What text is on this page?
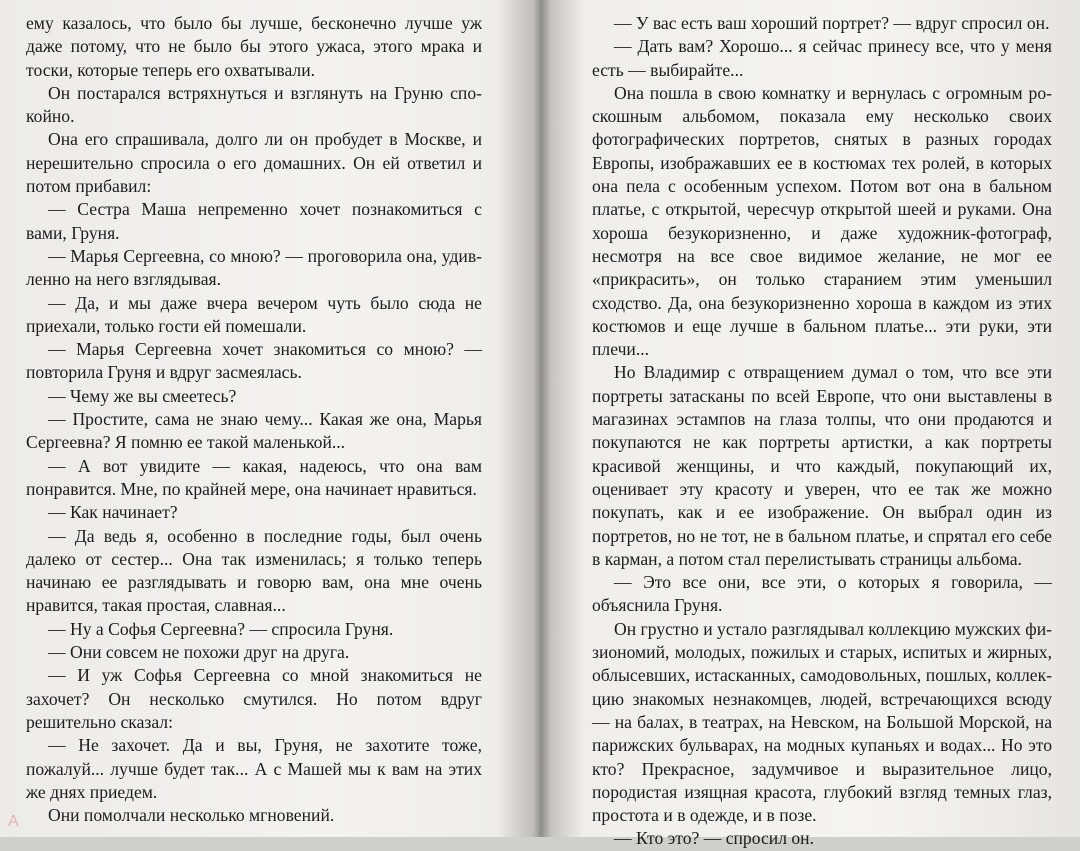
ему казалось, что было бы лучше, бесконечно лучше уж даже потому, что не было бы этого ужаса, этого мрака и тоски, которые теперь его охватывали.

Он постарался встряхнуться и взглянуть на Груню спокойно.

Она его спрашивала, долго ли он пробудет в Москве, и нерешительно спросила о его домашних. Он ей ответил и потом прибавил:

— Сестра Маша непременно хочет познакомиться с вами, Груня.

— Марья Сергеевна, со мною? — проговорила она, удивленно на него взглядывая.

— Да, и мы даже вчера вечером чуть было сюда не приехали, только гости ей помешали.

— Марья Сергеевна хочет знакомиться со мною? — повторила Груня и вдруг засмеялась.

— Чему же вы смеетесь?

— Простите, сама не знаю чему... Какая же она, Марья Сергеевна? Я помню ее такой маленькой...

— А вот увидите — какая, надеюсь, что она вам понравится. Мне, по крайней мере, она начинает нравиться.

— Как начинает?

— Да ведь я, особенно в последние годы, был очень далеко от сестер... Она так изменилась; я только теперь начинаю ее разглядывать и говорю вам, она мне очень нравится, такая простая, славная...

— Ну а Софья Сергеевна? — спросила Груня.

— Они совсем не похожи друг на друга.

— И уж Софья Сергеевна со мной знакомиться не захочет? Он несколько смутился. Но потом вдруг решительно сказал:

— Не захочет. Да и вы, Груня, не захотите тоже, пожалуй... лучше будет так... А с Машей мы к вам на этих же днях приедем.

Они помолчали несколько мгновений.

— У вас есть ваш хороший портрет? — вдруг спросил он.

— Дать вам? Хорошо... я сейчас принесу все, что у меня есть — выбирайте...

Она пошла в свою комнатку и вернулась с огромным роскошным альбомом, показала ему несколько своих фотографических портретов, снятых в разных городах Европы, изображавших ее в костюмах тех ролей, в которых она пела с особенным успехом. Потом вот она в бальном платье, с открытой, чересчур открытой шеей и руками. Она хороша безукоризненно, и даже художник-фотограф, несмотря на все свое видимое желание, не мог ее «прикрасить», он только старанием этим уменьшил сходство. Да, она безукоризненно хороша в каждом из этих костюмов и еще лучше в бальном платье... эти руки, эти плечи...

Но Владимир с отвращением думал о том, что все эти портреты затасканы по всей Европе, что они выставлены в магазинах эстампов на глаза толпы, что они продаются и покупаются не как портреты артистки, а как портреты красивой женщины, и что каждый, покупающий их, оценивает эту красоту и уверен, что ее так же можно покупать, как и ее изображение. Он выбрал один из портретов, но не тот, не в бальном платье, и спрятал его себе в карман, а потом стал перелистывать страницы альбома.

— Это все они, все эти, о которых я говорила, — объяснила Груня.

Он грустно и устало разглядывал коллекцию мужских физиономий, молодых, пожилых и старых, испитых и жирных, облысевших, истасканных, самодовольных, пошлых, коллекцию знакомых незнакомцев, людей, встречающихся всюду — на балах, в театрах, на Невском, на Большой Морской, на парижских бульварах, на модных купаньях и водах... Но это кто? Прекрасное, задумчивое и выразительное лицо, породистая изящная красота, глубокий взгляд темных глаз, простота и в одежде, и в позе.

— Кто это? — спросил он.

A
